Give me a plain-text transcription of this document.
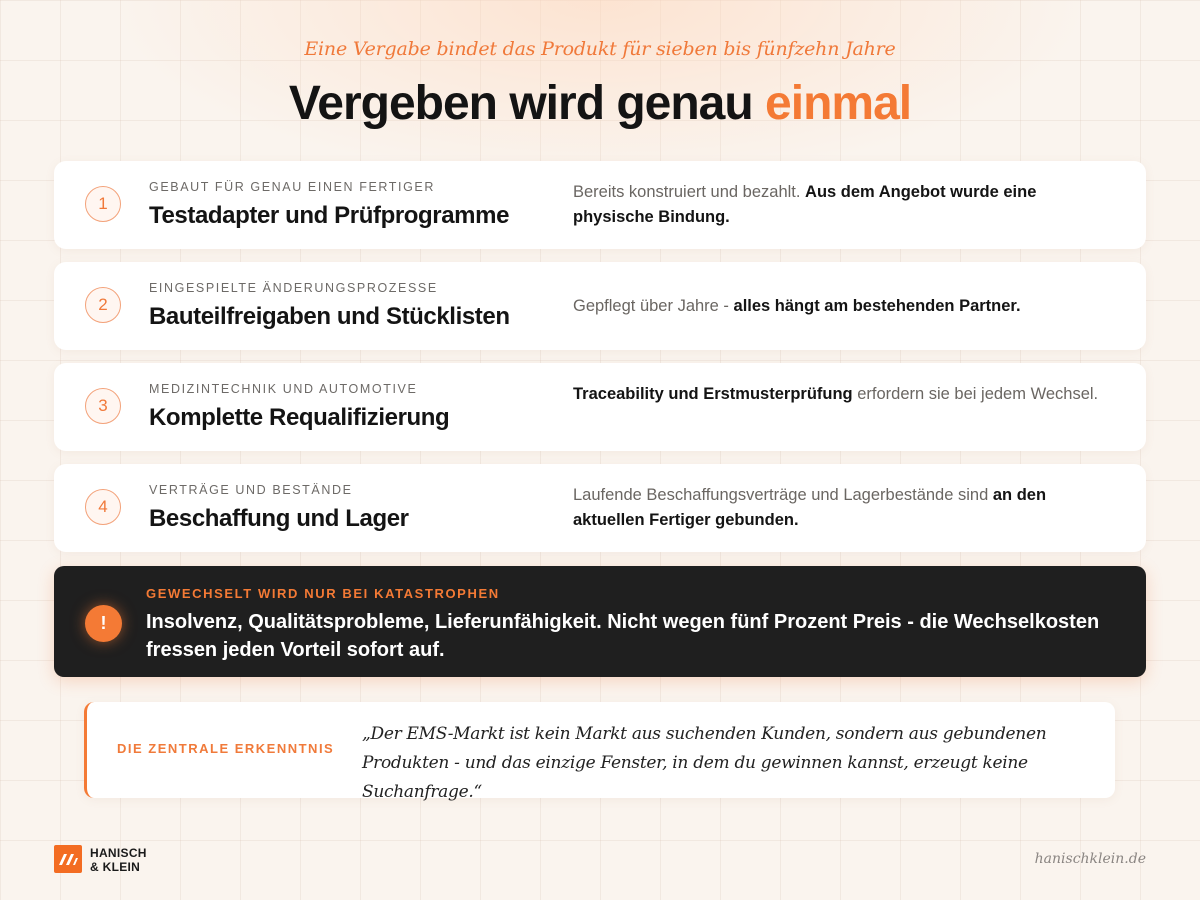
Eine Vergabe bindet das Produkt für sieben bis fünfzehn Jahre
Vergeben wird genau einmal
1
GEBAUT FÜR GENAU EINEN FERTIGER
Testadapter und Prüfprogramme
Bereits konstruiert und bezahlt. Aus dem Angebot wurde eine physische Bindung.
2
EINGESPIELTE ÄNDERUNGSPROZESSE
Bauteilfreigaben und Stücklisten	Gepflegt über Jahre - alles hängt am bestehenden Partner.
3
MEDIZINTECHNIK UND AUTOMOTIVE
Komplette Requalifizierung
Traceability und Erstmusterprüfung erfordern sie bei jedem Wechsel.
4
VERTRÄGE UND BESTÄNDE
Beschaffung und Lager
Laufende Beschaffungsverträge und Lagerbestände sind an den aktuellen Fertiger gebunden.
!
GEWECHSELT WIRD NUR BEI KATASTROPHEN
Insolvenz, Qualitätsprobleme, Lieferunfähigkeit. Nicht wegen fünf Prozent Preis - die Wechselkosten fressen jeden Vorteil sofort auf.
DIE ZENTRALE ERKENNTNIS
„Der EMS-Markt ist kein Markt aus suchenden Kunden, sondern aus gebundenen Produkten - und das einzige Fenster, in dem du gewinnen kannst, erzeugt keine Suchanfrage.“
HANISCH
& KLEIN	hanischklein.de
